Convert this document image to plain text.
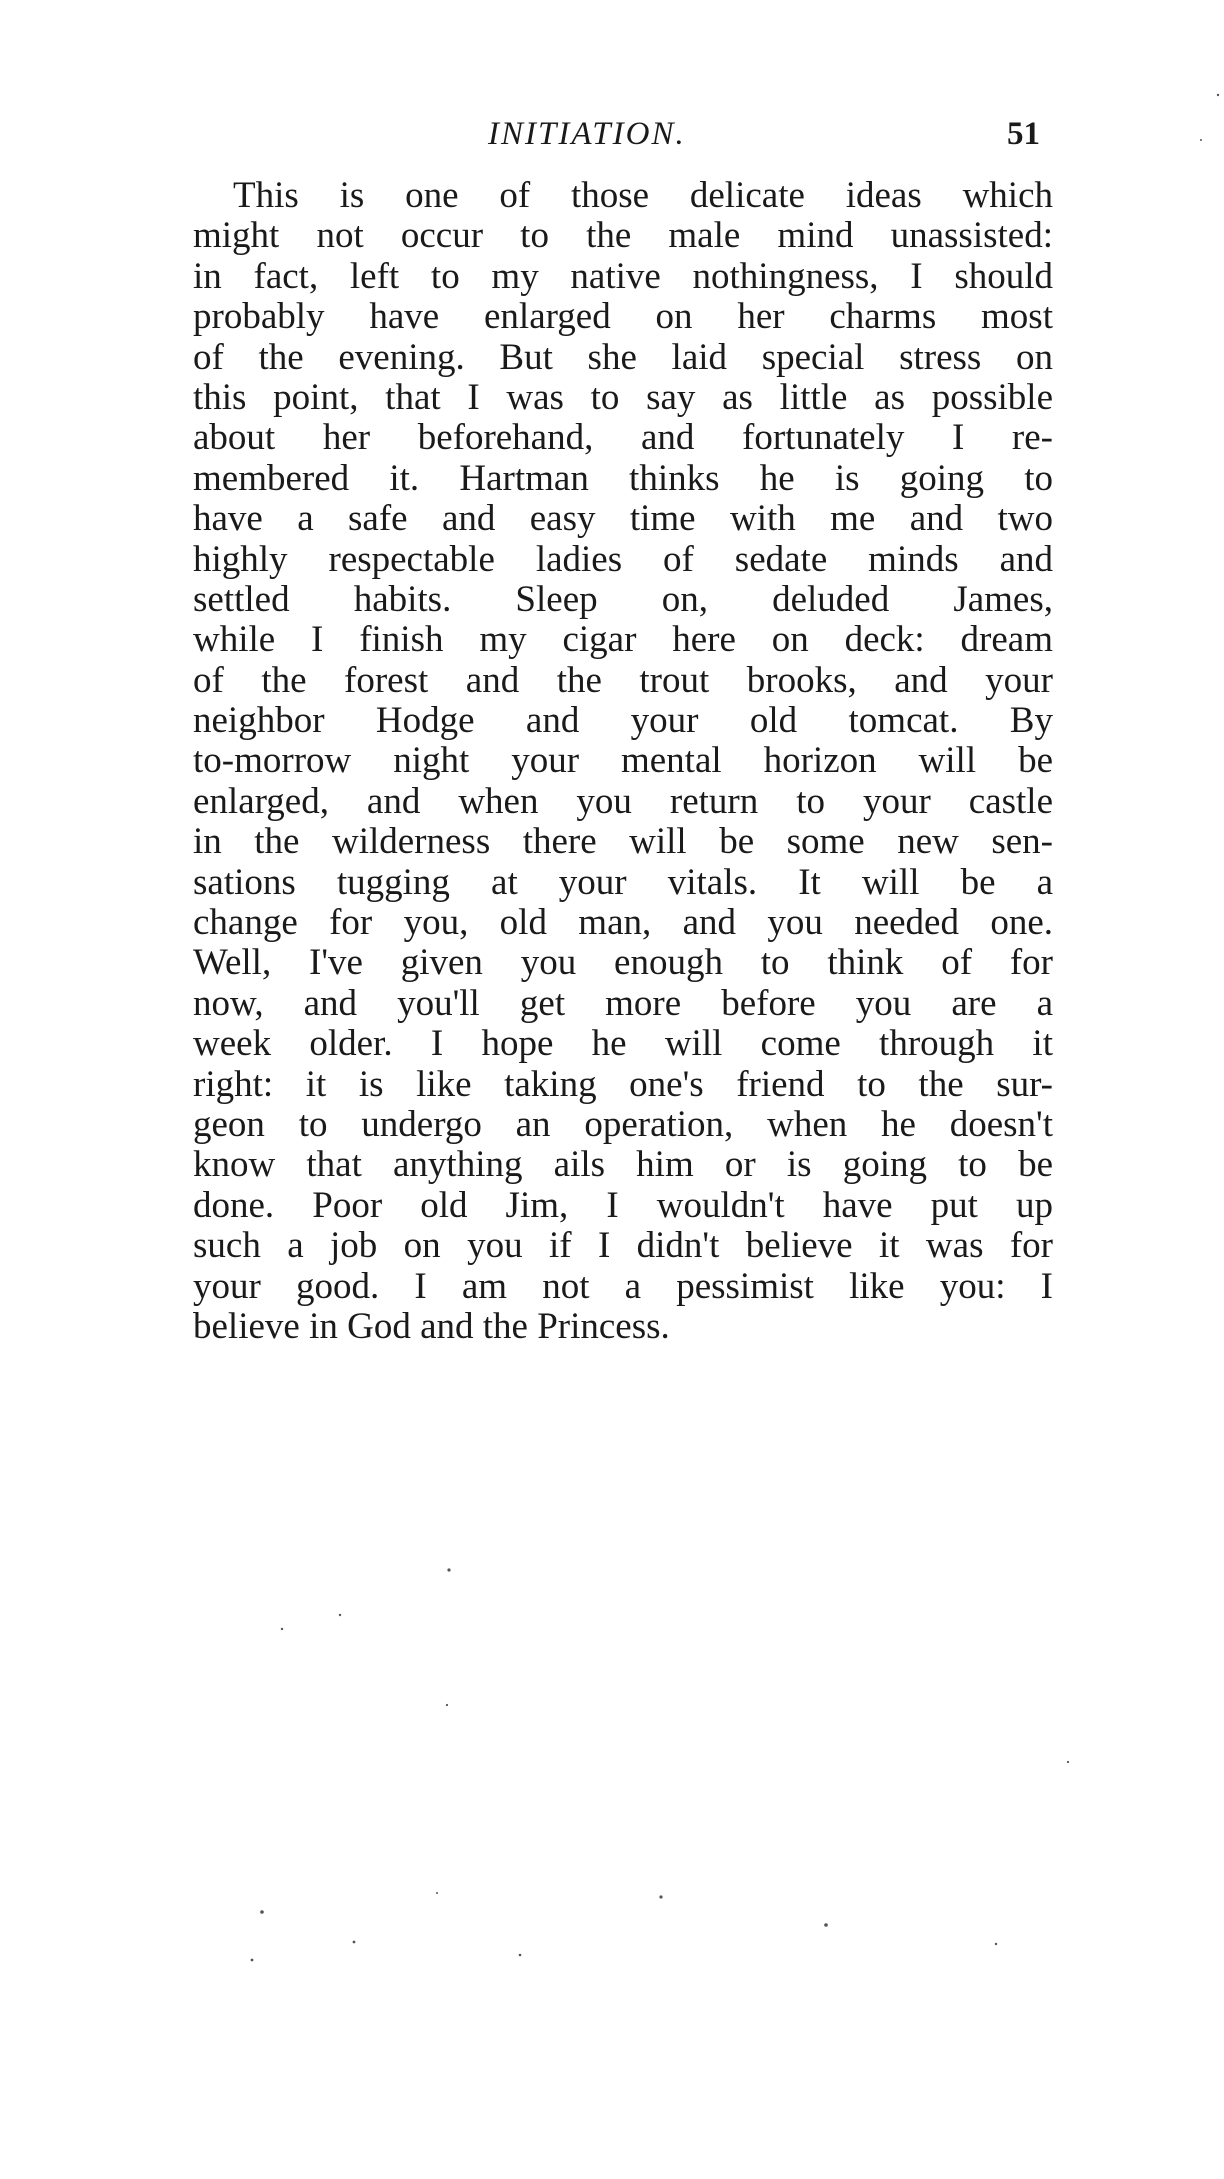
INITIATION.	51
This is one of those delicate ideas which
might not occur to the male mind unassisted:
in fact, left to my native nothingness, I should
probably have enlarged on her charms most
of the evening. But she laid special stress on
this point, that I was to say as little as possible
about her beforehand, and fortunately I re-
membered it. Hartman thinks he is going to
have a safe and easy time with me and two
highly respectable ladies of sedate minds and
settled habits. Sleep on, deluded James,
while I finish my cigar here on deck: dream
of the forest and the trout brooks, and your
neighbor Hodge and your old tomcat. By
to-morrow night your mental horizon will be
enlarged, and when you return to your castle
in the wilderness there will be some new sen-
sations tugging at your vitals. It will be a
change for you, old man, and you needed one.
Well, I've given you enough to think of for
now, and you'll get more before you are a
week older. I hope he will come through it
right: it is like taking one's friend to the sur-
geon to undergo an operation, when he doesn't
know that anything ails him or is going to be
done. Poor old Jim, I wouldn't have put up
such a job on you if I didn't believe it was for
your good. I am not a pessimist like you: I
believe in God and the Princess.
